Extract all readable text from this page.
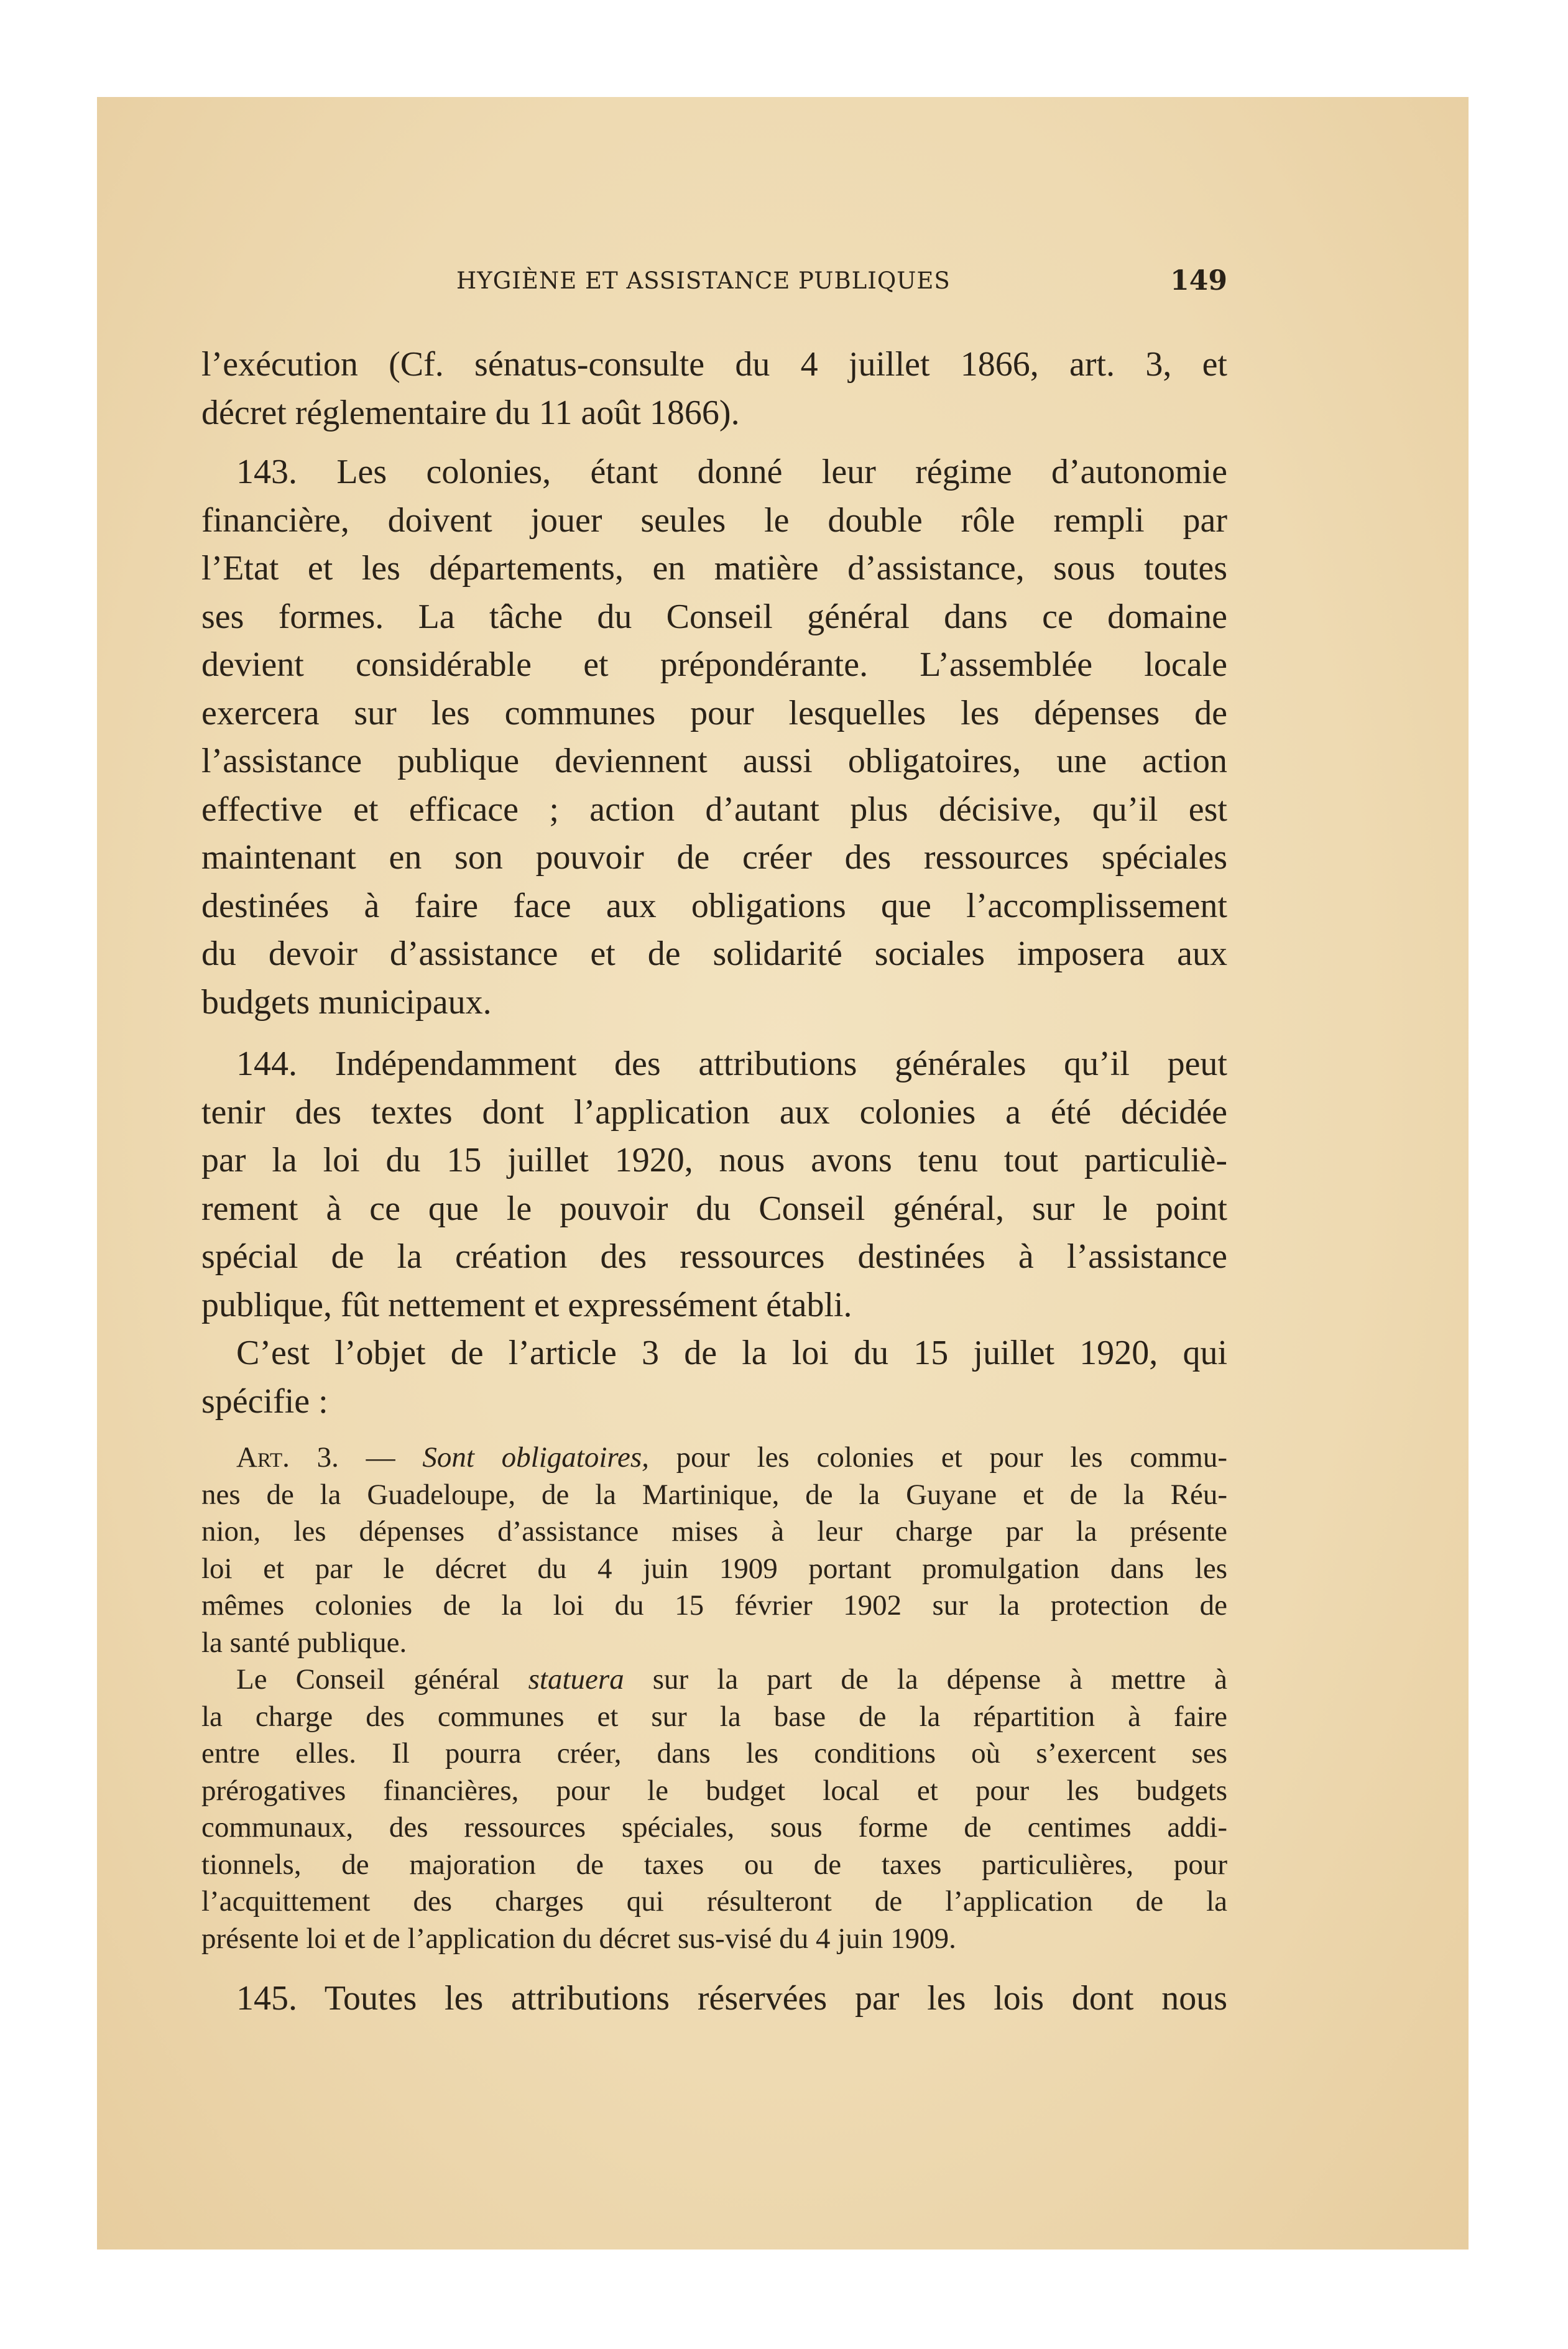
HYGIÈNE ET ASSISTANCE PUBLIQUES	149

l’exécution (Cf. sénatus-consulte du 4 juillet 1866, art. 3, et

décret réglementaire du 11 août 1866).

143. Les colonies, étant donné leur régime d’autonomie

financière, doivent jouer seules le double rôle rempli par

l’Etat et les départements, en matière d’assistance, sous toutes

ses formes. La tâche du Conseil général dans ce domaine

devient considérable et prépondérante. L’assemblée locale

exercera sur les communes pour lesquelles les dépenses de

l’assistance publique deviennent aussi obligatoires, une action

effective et efficace ; action d’autant plus décisive, qu’il est

maintenant en son pouvoir de créer des ressources spéciales

destinées à faire face aux obligations que l’accomplissement

du devoir d’assistance et de solidarité sociales imposera aux

budgets municipaux.

144. Indépendamment des attributions générales qu’il peut

tenir des textes dont l’application aux colonies a été décidée

par la loi du 15 juillet 1920, nous avons tenu tout particuliè-

rement à ce que le pouvoir du Conseil général, sur le point

spécial de la création des ressources destinées à l’assistance

publique, fût nettement et expressément établi.

C’est l’objet de l’article 3 de la loi du 15 juillet 1920, qui

spécifie :

Art. 3. — Sont obligatoires, pour les colonies et pour les commu-

nes de la Guadeloupe, de la Martinique, de la Guyane et de la Réu-

nion, les dépenses d’assistance mises à leur charge par la présente

loi et par le décret du 4 juin 1909 portant promulgation dans les

mêmes colonies de la loi du 15 février 1902 sur la protection de

la santé publique.

Le Conseil général statuera sur la part de la dépense à mettre à

la charge des communes et sur la base de la répartition à faire

entre elles. Il pourra créer, dans les conditions où s’exercent ses

prérogatives financières, pour le budget local et pour les budgets

communaux, des ressources spéciales, sous forme de centimes addi-

tionnels, de majoration de taxes ou de taxes particulières, pour

l’acquittement des charges qui résulteront de l’application de la

présente loi et de l’application du décret sus-visé du 4 juin 1909.

145. Toutes les attributions réservées par les lois dont nous
